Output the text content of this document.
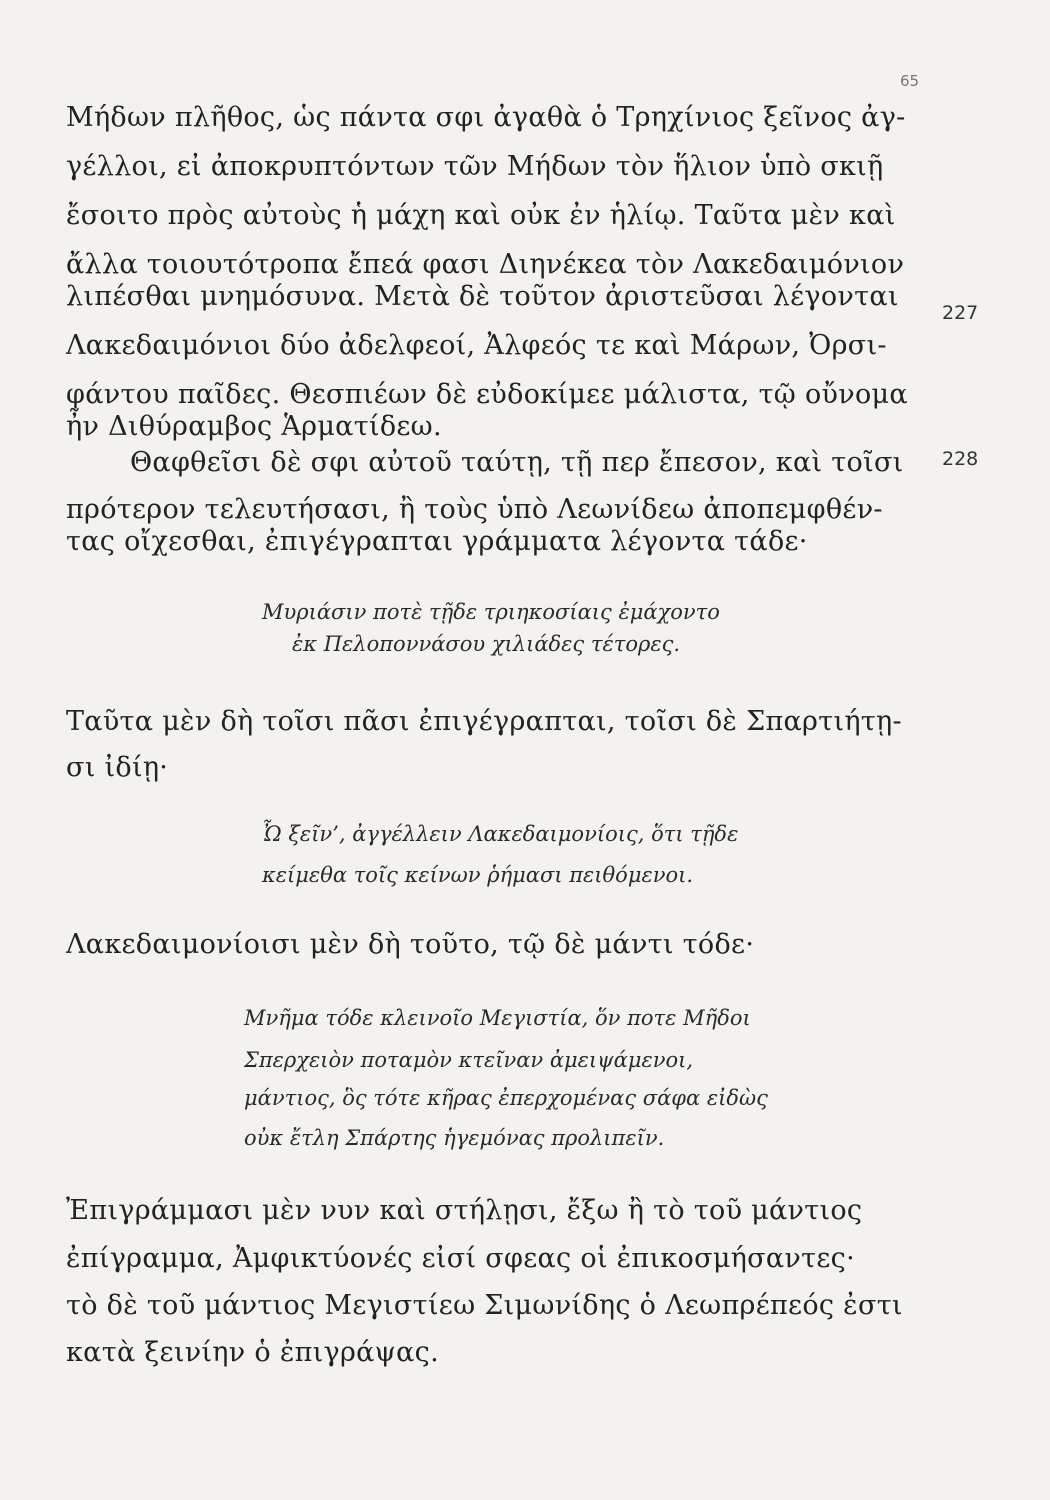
65
Μήδων πλῆθος, ὡς πάντα σφι ἀγαθὰ ὁ Τρηχίνιος ξεῖνος ἀγ-
γέλλοι, εἰ ἀποκρυπτόντων τῶν Μήδων τὸν ἥλιον ὑπὸ σκιῇ
ἔσοιτο πρὸς αὐτοὺς ἡ μάχη καὶ οὐκ ἐν ἡλίῳ. Ταῦτα μὲν καὶ
ἄλλα τοιουτότροπα ἔπεά φασι Διηνέκεα τὸν Λακεδαιμόνιον
λιπέσθαι μνημόσυνα. Μετὰ δὲ τοῦτον ἀριστεῦσαι λέγονται
Λακεδαιμόνιοι δύο ἀδελφεοί, Ἀλφεός τε καὶ Μάρων, Ὀρσι-
φάντου παῖδες. Θεσπιέων δὲ εὐδοκίμεε μάλιστα, τῷ οὔνομα
ἦν Διθύραμβος Ἁρματίδεω.
227
Θαφθεῖσι δὲ σφι αὐτοῦ ταύτῃ, τῇ περ ἔπεσον, καὶ τοῖσι
πρότερον τελευτήσασι, ἢ τοὺς ὑπὸ Λεωνίδεω ἀποπεμφθέν-
τας οἴχεσθαι, ἐπιγέγραπται γράμματα λέγοντα τάδε·
228
Μυριάσιν ποτὲ τῇδε τριηκοσίαις ἐμάχοντο
ἐκ Πελοποννάσου χιλιάδες τέτορες.
Ταῦτα μὲν δὴ τοῖσι πᾶσι ἐπιγέγραπται, τοῖσι δὲ Σπαρτιήτῃ-
σι ἰδίῃ·
Ὦ ξεῖν’, ἀγγέλλειν Λακεδαιμονίοις, ὅτι τῇδε
κείμεθα τοῖς κείνων ῥήμασι πειθόμενοι.
Λακεδαιμονίοισι μὲν δὴ τοῦτο, τῷ δὲ μάντι τόδε·
Μνῆμα τόδε κλεινοῖο Μεγιστία, ὅν ποτε Μῆδοι
Σπερχειὸν ποταμὸν κτεῖναν ἀμειψάμενοι,
μάντιος, ὃς τότε κῆρας ἐπερχομένας σάφα εἰδὼς
οὐκ ἔτλη Σπάρτης ἡγεμόνας προλιπεῖν.
Ἐπιγράμμασι μὲν νυν καὶ στήλῃσι, ἔξω ἢ τὸ τοῦ μάντιος
ἐπίγραμμα, Ἀμφικτύονές εἰσί σφεας οἱ ἐπικοσμήσαντες·
τὸ δὲ τοῦ μάντιος Μεγιστίεω Σιμωνίδης ὁ Λεωπρέπεός ἐστι
κατὰ ξεινίην ὁ ἐπιγράψας.
